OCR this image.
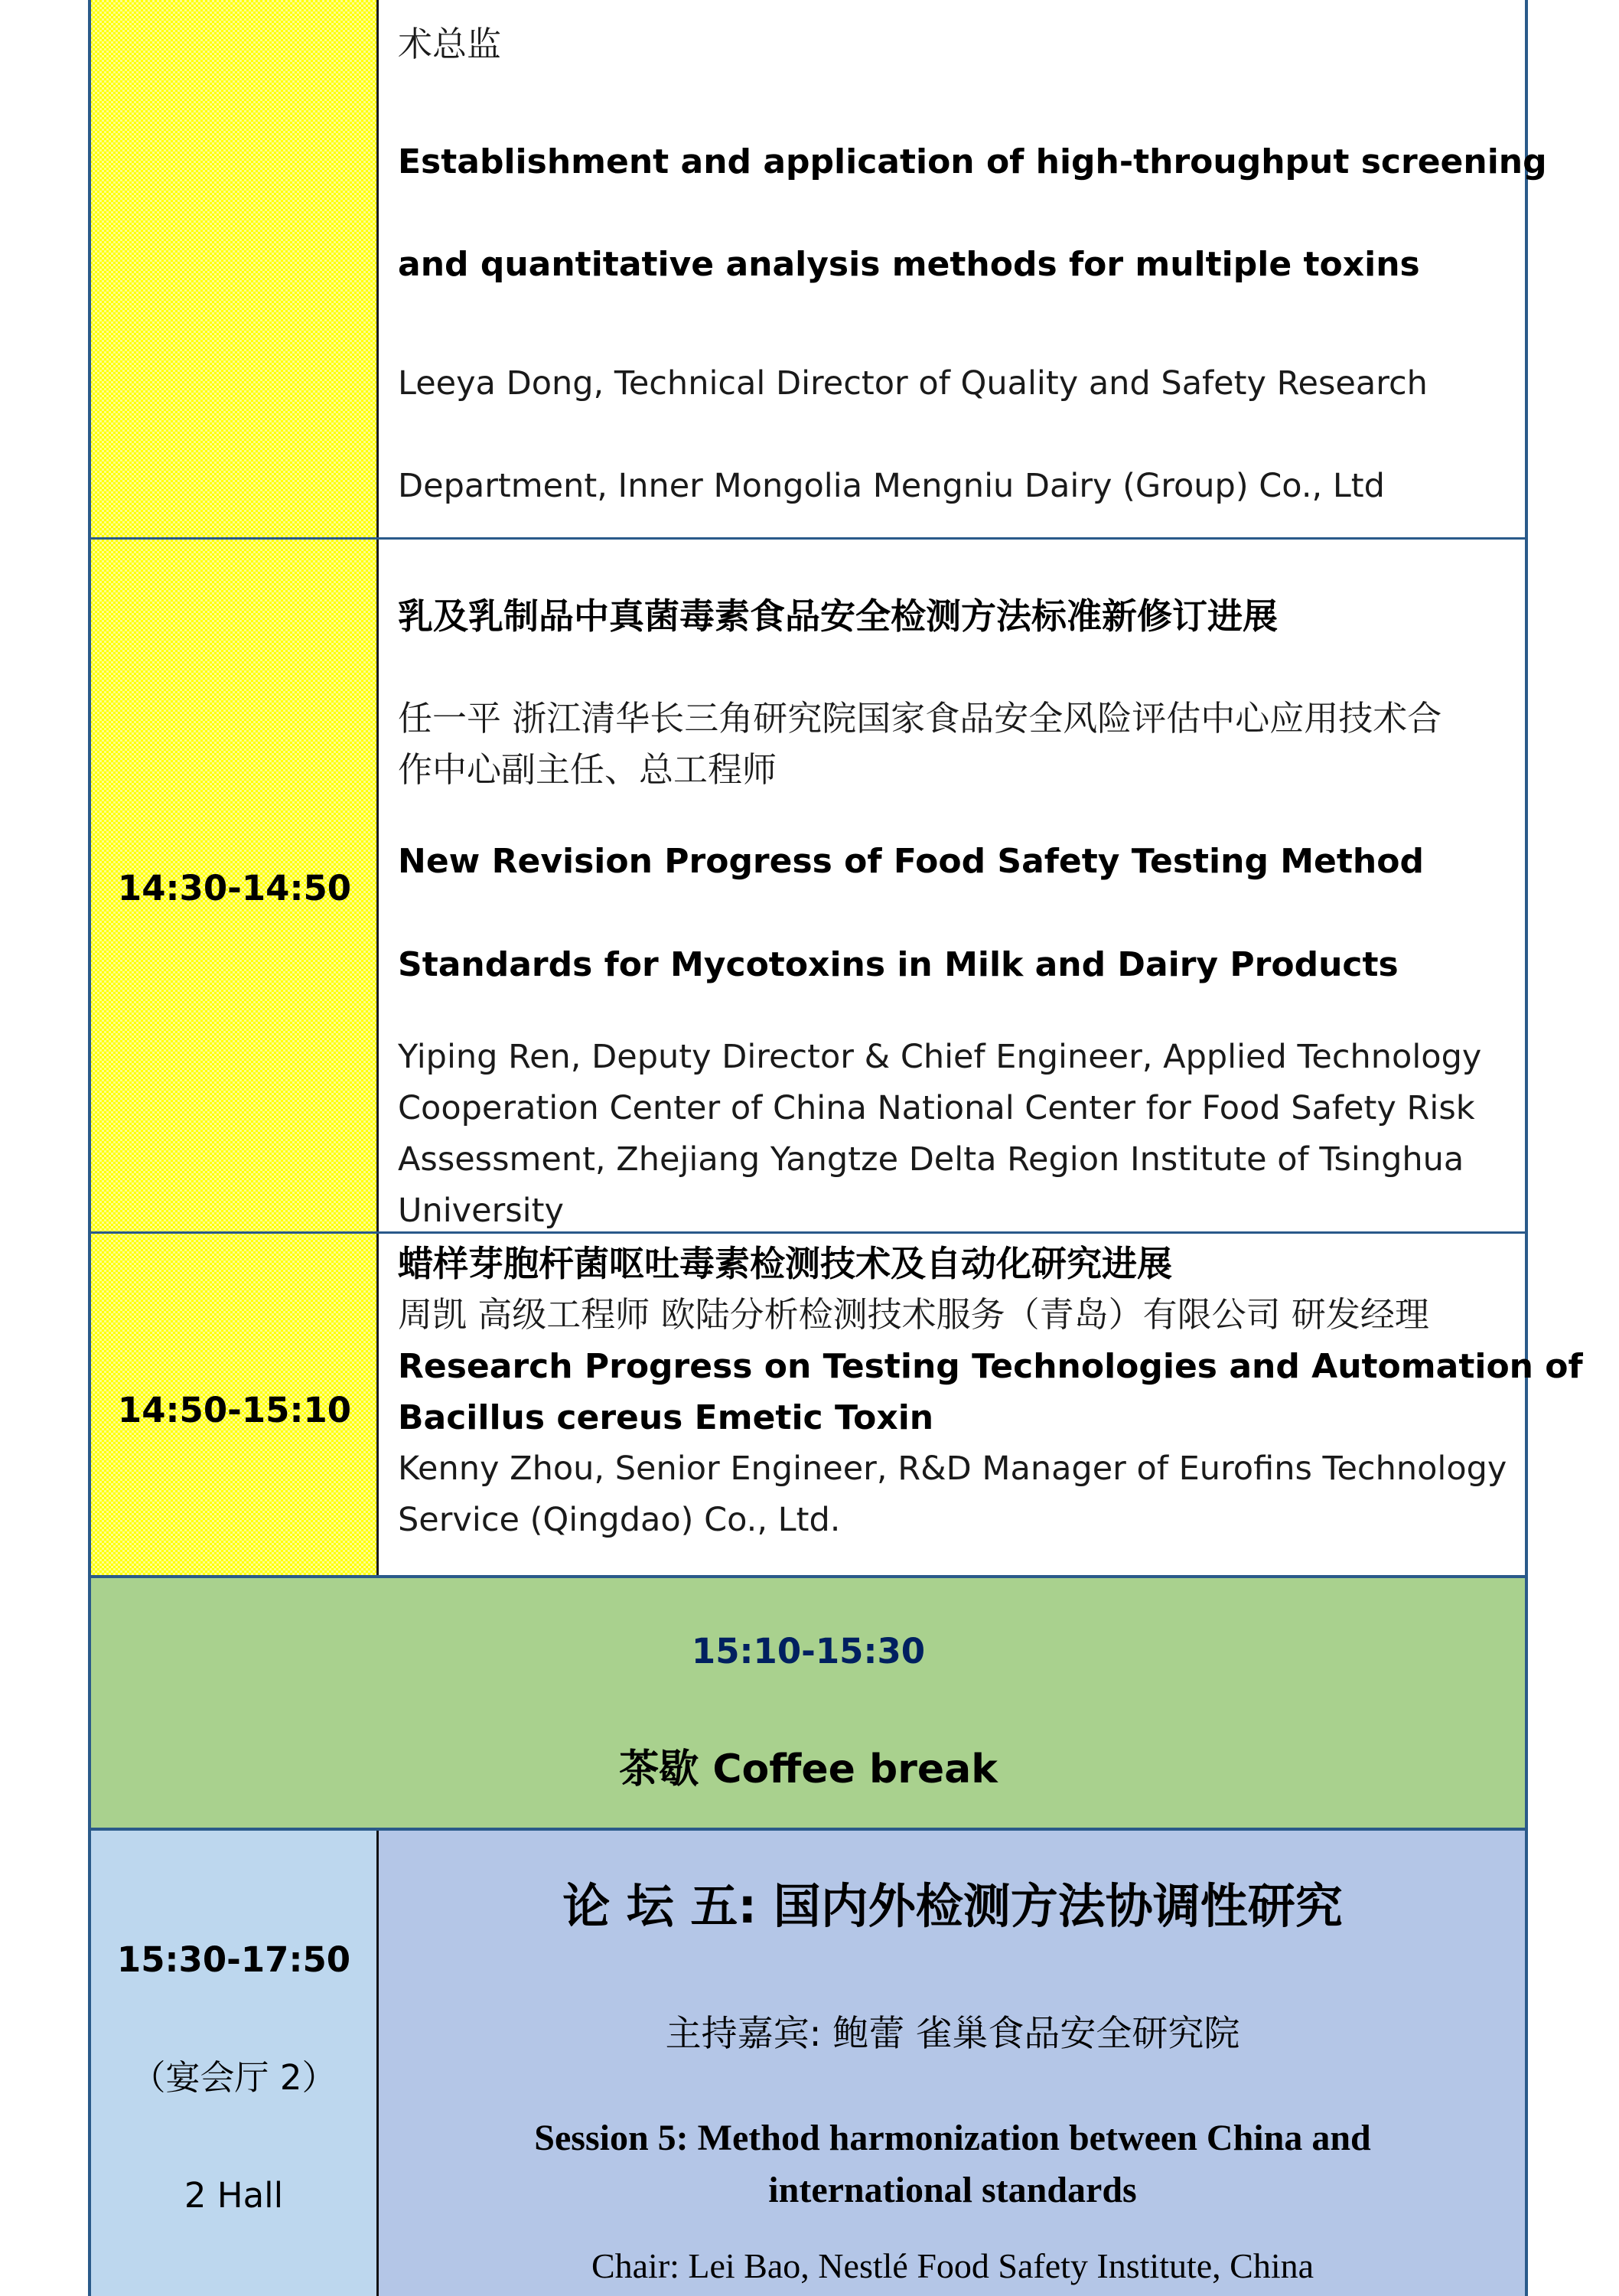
术总监
Establishment and application of high-throughput screening
and quantitative analysis methods for multiple toxins
Leeya Dong, Technical Director of Quality and Safety Research
Department, Inner Mongolia Mengniu Dairy (Group) Co., Ltd
14:30-14:50
乳及乳制品中真菌毒素食品安全检测方法标准新修订进展
任一平 浙江清华长三角研究院国家食品安全风险评估中心应用技术合
作中心副主任、总工程师
New Revision Progress of Food Safety Testing Method
Standards for Mycotoxins in Milk and Dairy Products
Yiping Ren, Deputy Director & Chief Engineer, Applied Technology
Cooperation Center of China National Center for Food Safety Risk
Assessment, Zhejiang Yangtze Delta Region Institute of Tsinghua
University
14:50-15:10
蜡样芽胞杆菌呕吐毒素检测技术及自动化研究进展
周凯 高级工程师 欧陆分析检测技术服务（青岛）有限公司 研发经理
Research Progress on Testing Technologies and Automation of
Bacillus cereus Emetic Toxin
Kenny Zhou, Senior Engineer, R&D Manager of Eurofins Technology
Service (Qingdao) Co., Ltd.
15:10-15:30
茶歇 Coffee break
15:30-17:50
（宴会厅 2）
2 Hall
论 坛 五: 国内外检测方法协调性研究
主持嘉宾: 鲍蕾 雀巢食品安全研究院
Session 5: Method harmonization between China and
international standards
Chair: Lei Bao, Nestlé Food Safety Institute, China
